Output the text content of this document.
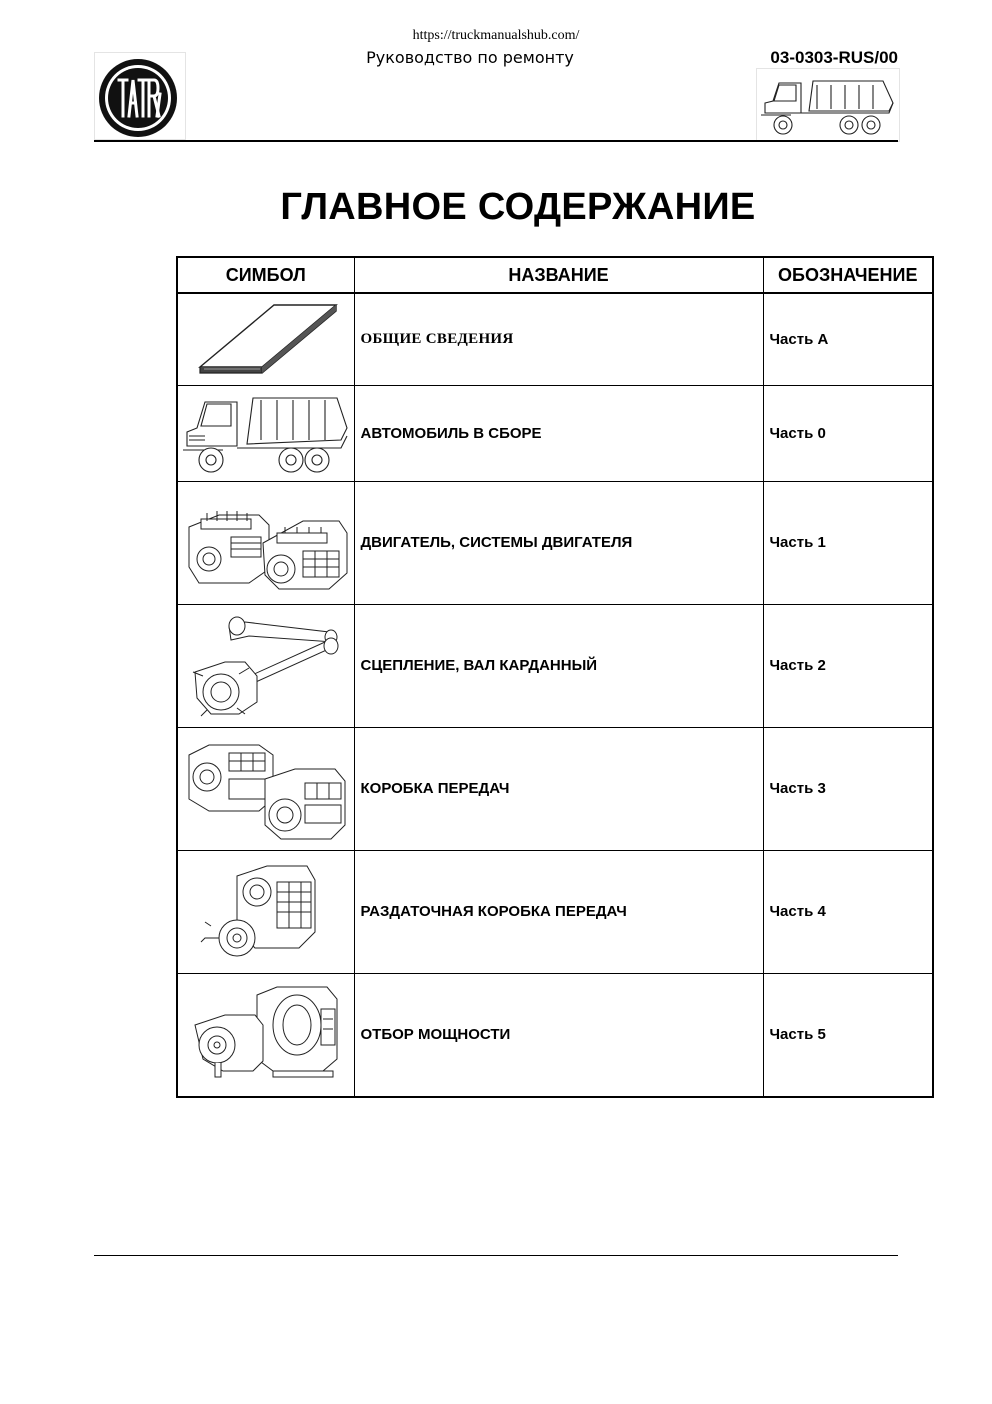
https://truckmanualshub.com/
Руководство по ремонту	03-0303-RUS/00
ГЛАВНОЕ СОДЕРЖАНИЕ
СИМБОЛ	НАЗВАНИЕ	ОБОЗНАЧЕНИЕ

	ОБЩИЕ СВЕДЕНИЯ	Часть A

	АВТОМОБИЛЬ В СБОРЕ	Часть 0

	ДВИГАТЕЛЬ, СИСТЕМЫ ДВИГАТЕЛЯ	Часть 1

	СЦЕПЛЕНИЕ, ВАЛ КАРДАННЫЙ	Часть 2

	КОРОБКА ПЕРЕДАЧ	Часть 3

	РАЗДАТОЧНАЯ КОРОБКА ПЕРЕДАЧ	Часть 4

	ОТБОР МОЩНОСТИ	Часть 5
